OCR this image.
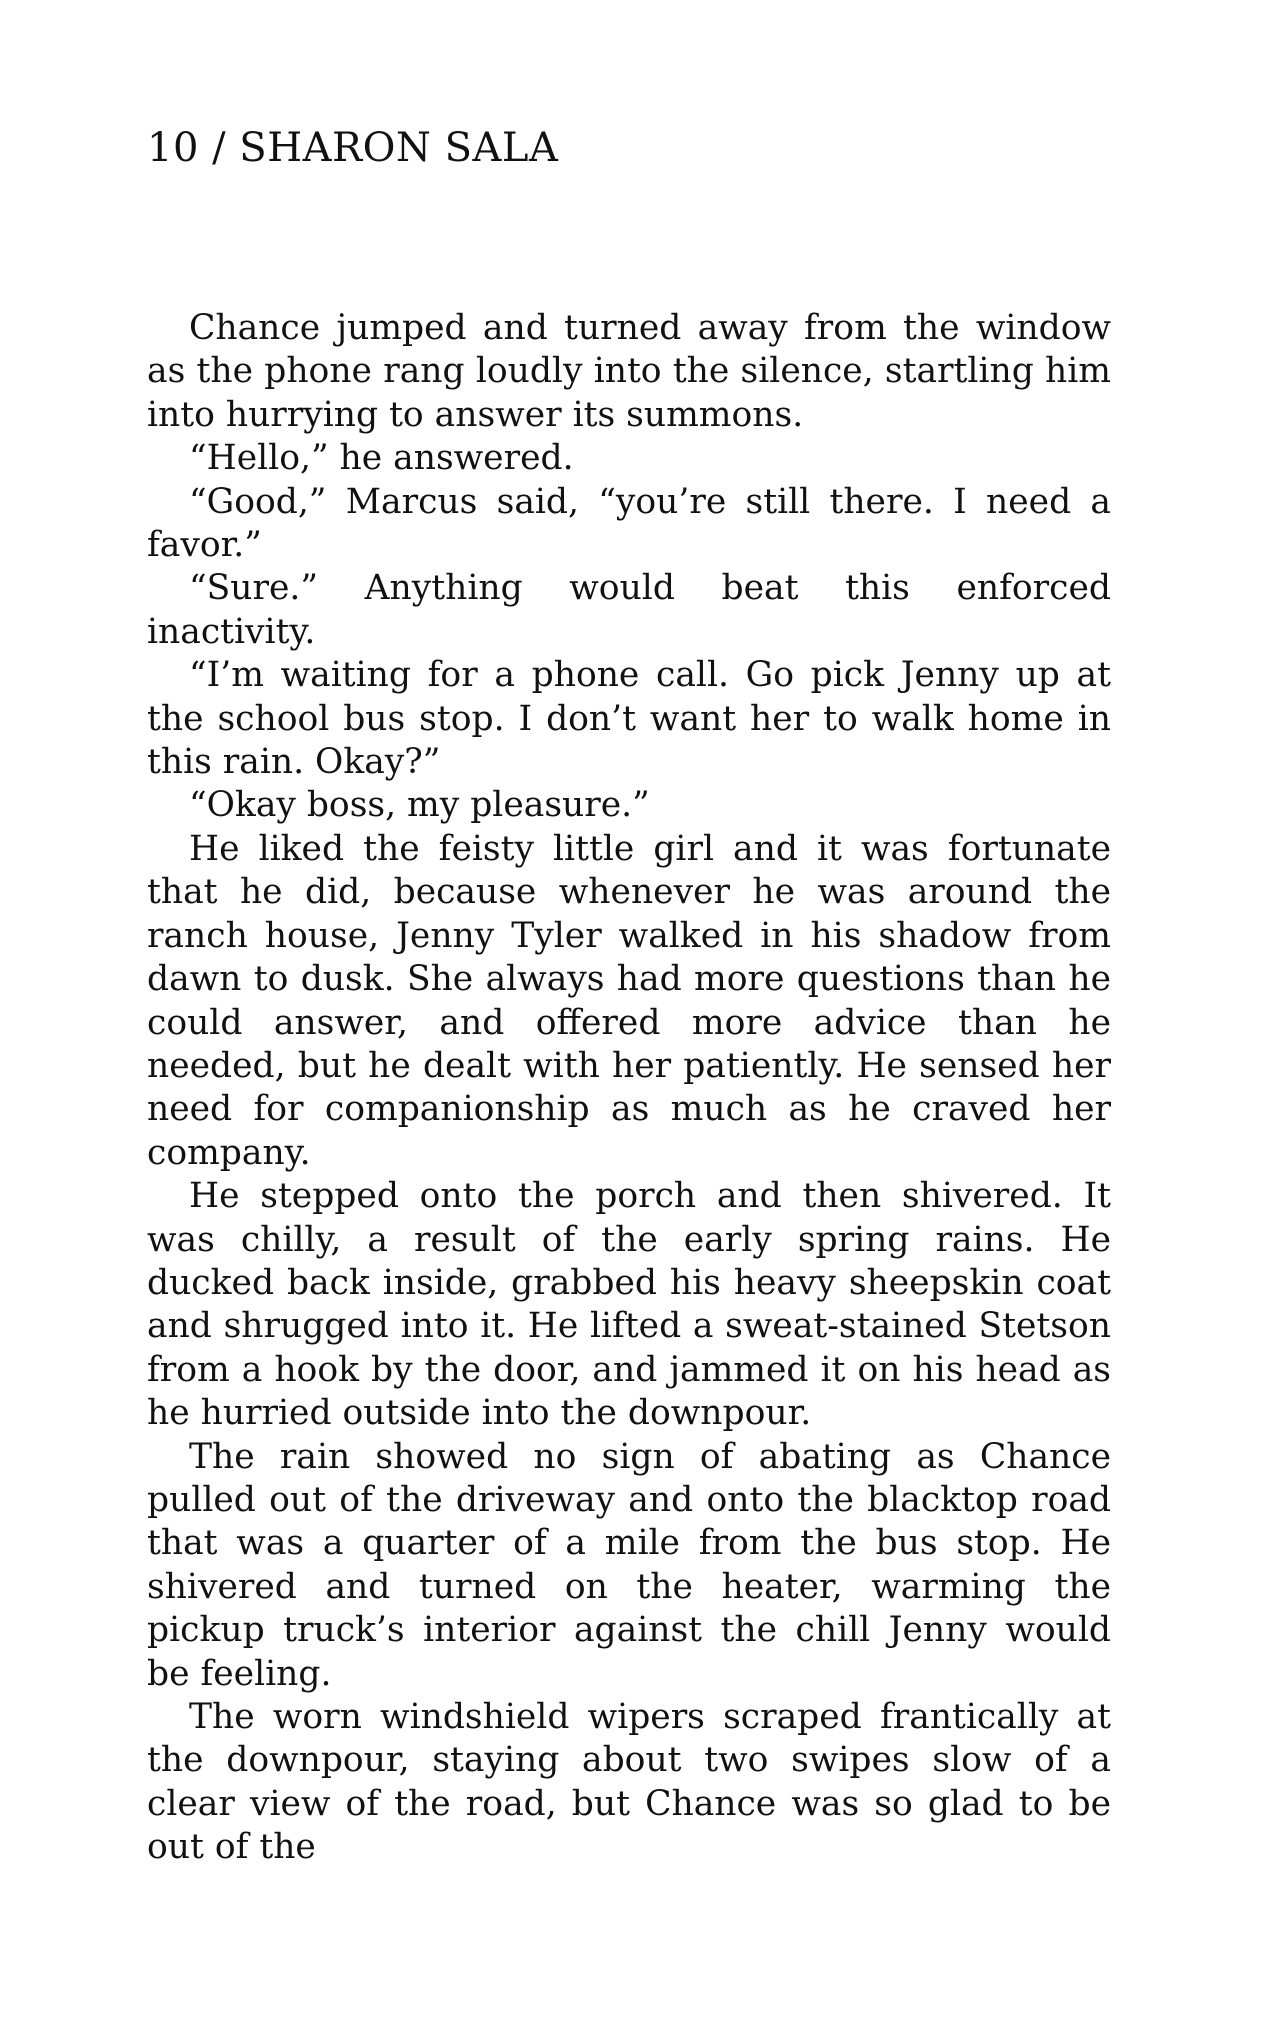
10 / SHARON SALA

Chance jumped and turned away from the window as the phone rang loudly into the silence, startling him into hurrying to answer its summons.

“Hello,” he answered.

“Good,” Marcus said, “you’re still there. I need a favor.”

“Sure.” Anything would beat this enforced inactivity.

“I’m waiting for a phone call. Go pick Jenny up at the school bus stop. I don’t want her to walk home in this rain. Okay?”

“Okay boss, my pleasure.”

He liked the feisty little girl and it was fortunate that he did, because whenever he was around the ranch house, Jenny Tyler walked in his shadow from dawn to dusk. She always had more questions than he could answer, and offered more advice than he needed, but he dealt with her patiently. He sensed her need for companionship as much as he craved her company.

He stepped onto the porch and then shivered. It was chilly, a result of the early spring rains. He ducked back inside, grabbed his heavy sheepskin coat and shrugged into it. He lifted a sweat-stained Stetson from a hook by the door, and jammed it on his head as he hurried outside into the downpour.

The rain showed no sign of abating as Chance pulled out of the driveway and onto the blacktop road that was a quarter of a mile from the bus stop. He shivered and turned on the heater, warming the pickup truck’s interior against the chill Jenny would be feeling.

The worn windshield wipers scraped frantically at the downpour, staying about two swipes slow of a clear view of the road, but Chance was so glad to be out of the
